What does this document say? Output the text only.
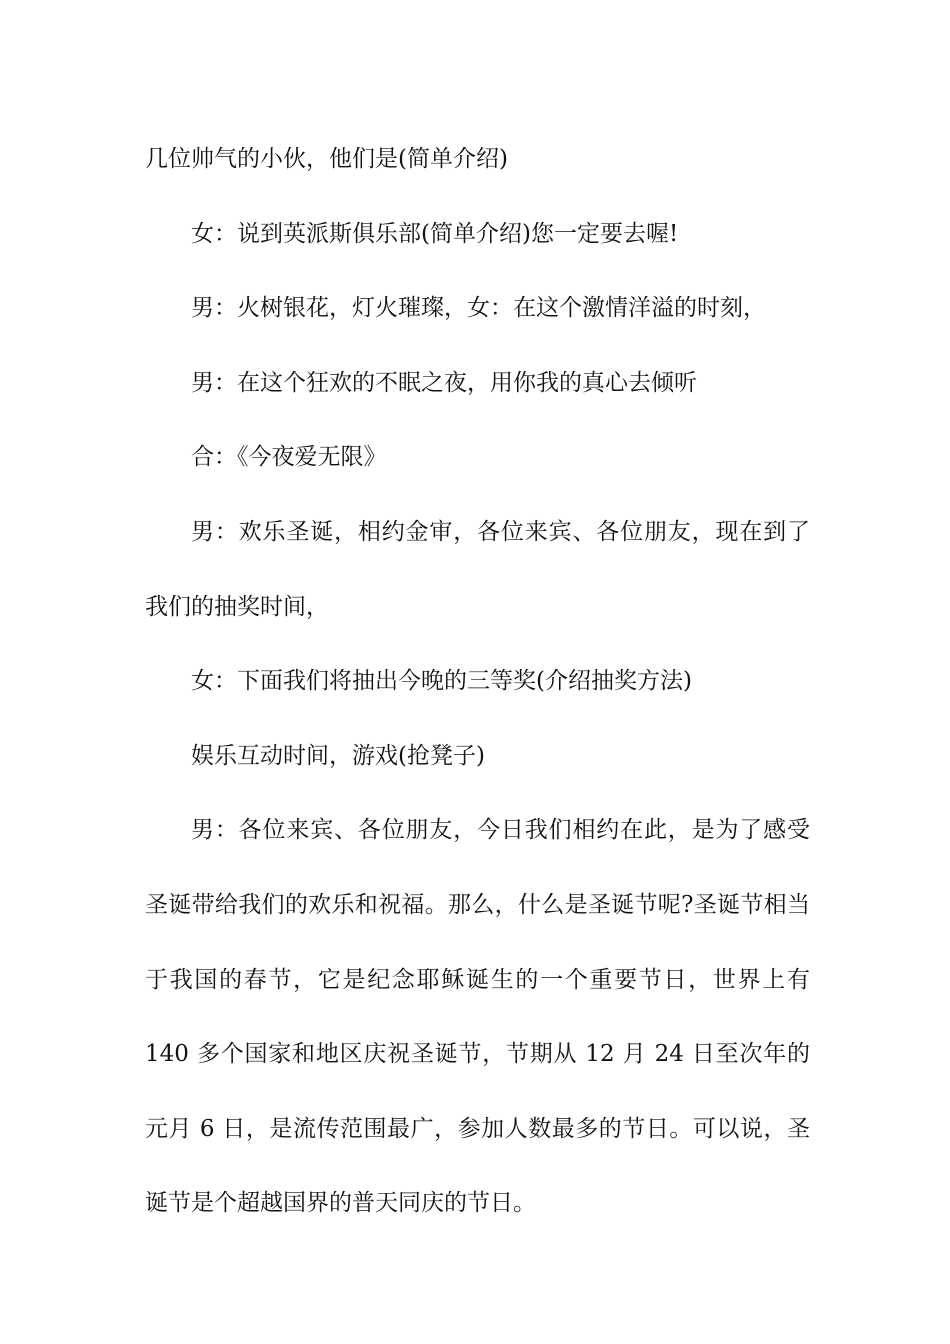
几位帅气的小伙，他们是(简单介绍)

女：说到英派斯俱乐部(简单介绍)您一定要去喔!

男：火树银花，灯火璀璨，女：在这个激情洋溢的时刻，

男：在这个狂欢的不眠之夜，用你我的真心去倾听

合：《今夜爱无限》

男：欢乐圣诞，相约金审，各位来宾、各位朋友，现在到了我们的抽奖时间，

女：下面我们将抽出今晚的三等奖(介绍抽奖方法)

娱乐互动时间，游戏(抢凳子)

男：各位来宾、各位朋友，今日我们相约在此，是为了感受圣诞带给我们的欢乐和祝福。那么，什么是圣诞节呢?圣诞节相当于我国的春节，它是纪念耶稣诞生的一个重要节日，世界上有 140 多个国家和地区庆祝圣诞节，节期从 12 月 24 日至次年的元月 6 日，是流传范围最广，参加人数最多的节日。可以说，圣诞节是个超越国界的普天同庆的节日。
